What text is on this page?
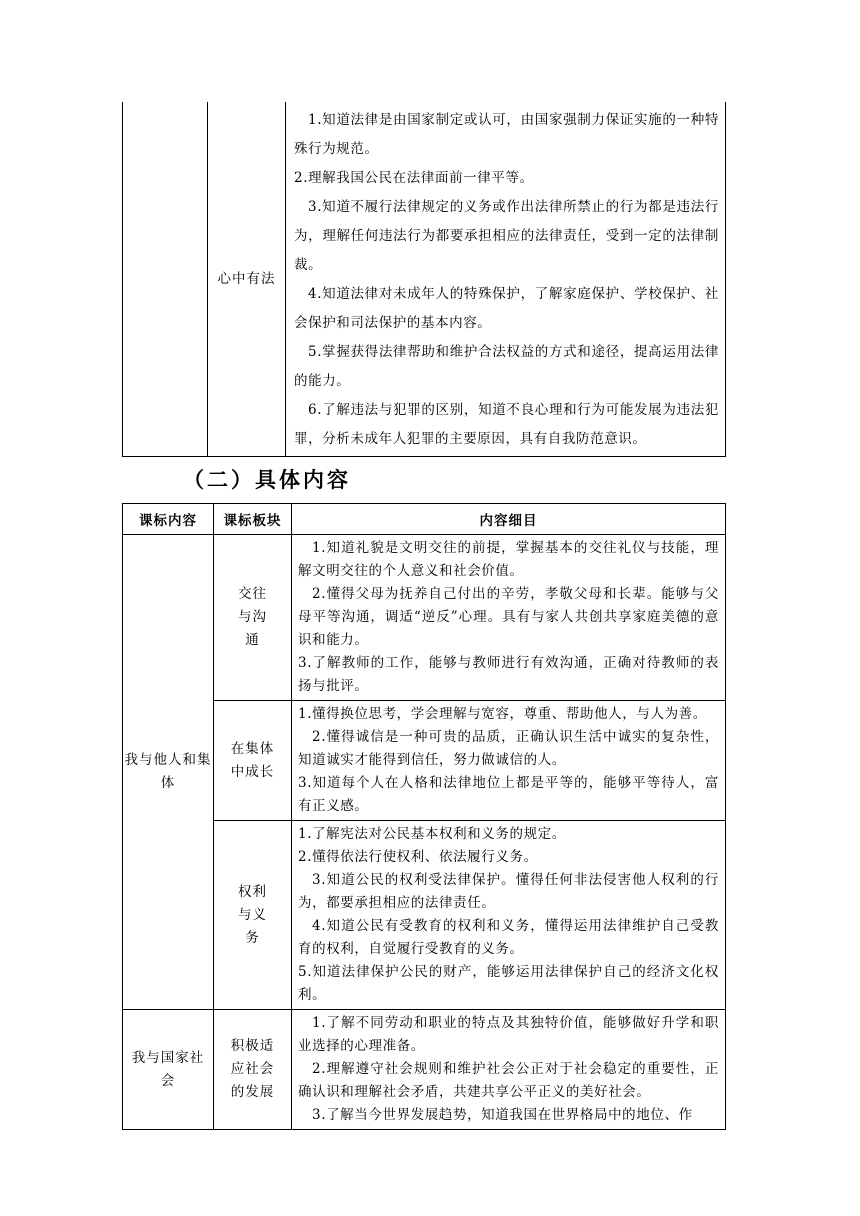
	心中有法	
1.知道法律是由国家制定或认可，由国家强制力保证实施的一种特殊行为规范。
2.理解我国公民在法律面前一律平等。
3.知道不履行法律规定的义务或作出法律所禁止的行为都是违法行为，理解任何违法行为都要承担相应的法律责任，受到一定的法律制裁。
4.知道法律对未成年人的特殊保护，了解家庭保护、学校保护、社会保护和司法保护的基本内容。
5.掌握获得法律帮助和维护合法权益的方式和途径，提高运用法律的能力。
6.了解违法与犯罪的区别，知道不良心理和行为可能发展为违法犯罪，分析未成年人犯罪的主要原因，具有自我防范意识。
（二）具体内容
课标内容	课标板块	内容细目
我与他人和集体	交往与沟通	1.知道礼貌是文明交往的前提，掌握基本的交往礼仪与技能，理解文明交往的个人意义和社会价值。
2.懂得父母为抚养自己付出的辛劳，孝敬父母和长辈。能够与父母平等沟通，调适“逆反”心理。具有与家人共创共享家庭美德的意识和能力。
3.了解教师的工作，能够与教师进行有效沟通，正确对待教师的表扬与批评。

	在集体中成长	1.懂得换位思考，学会理解与宽容，尊重、帮助他人，与人为善。
2.懂得诚信是一种可贵的品质，正确认识生活中诚实的复杂性，知道诚实才能得到信任，努力做诚信的人。
3.知道每个人在人格和法律地位上都是平等的，能够平等待人，富有正义感。

	权利与义务	1.了解宪法对公民基本权利和义务的规定。
2.懂得依法行使权利、依法履行义务。
3.知道公民的权利受法律保护。懂得任何非法侵害他人权利的行为，都要承担相应的法律责任。
4.知道公民有受教育的权利和义务，懂得运用法律维护自己受教育的权利，自觉履行受教育的义务。
5.知道法律保护公民的财产，能够运用法律保护自己的经济文化权利。

我与国家社会	积极适应社会的发展	1.了解不同劳动和职业的特点及其独特价值，能够做好升学和职业选择的心理准备。
2.理解遵守社会规则和维护社会公正对于社会稳定的重要性，正确认识和理解社会矛盾，共建共享公平正义的美好社会。
3.了解当今世界发展趋势，知道我国在世界格局中的地位、作
